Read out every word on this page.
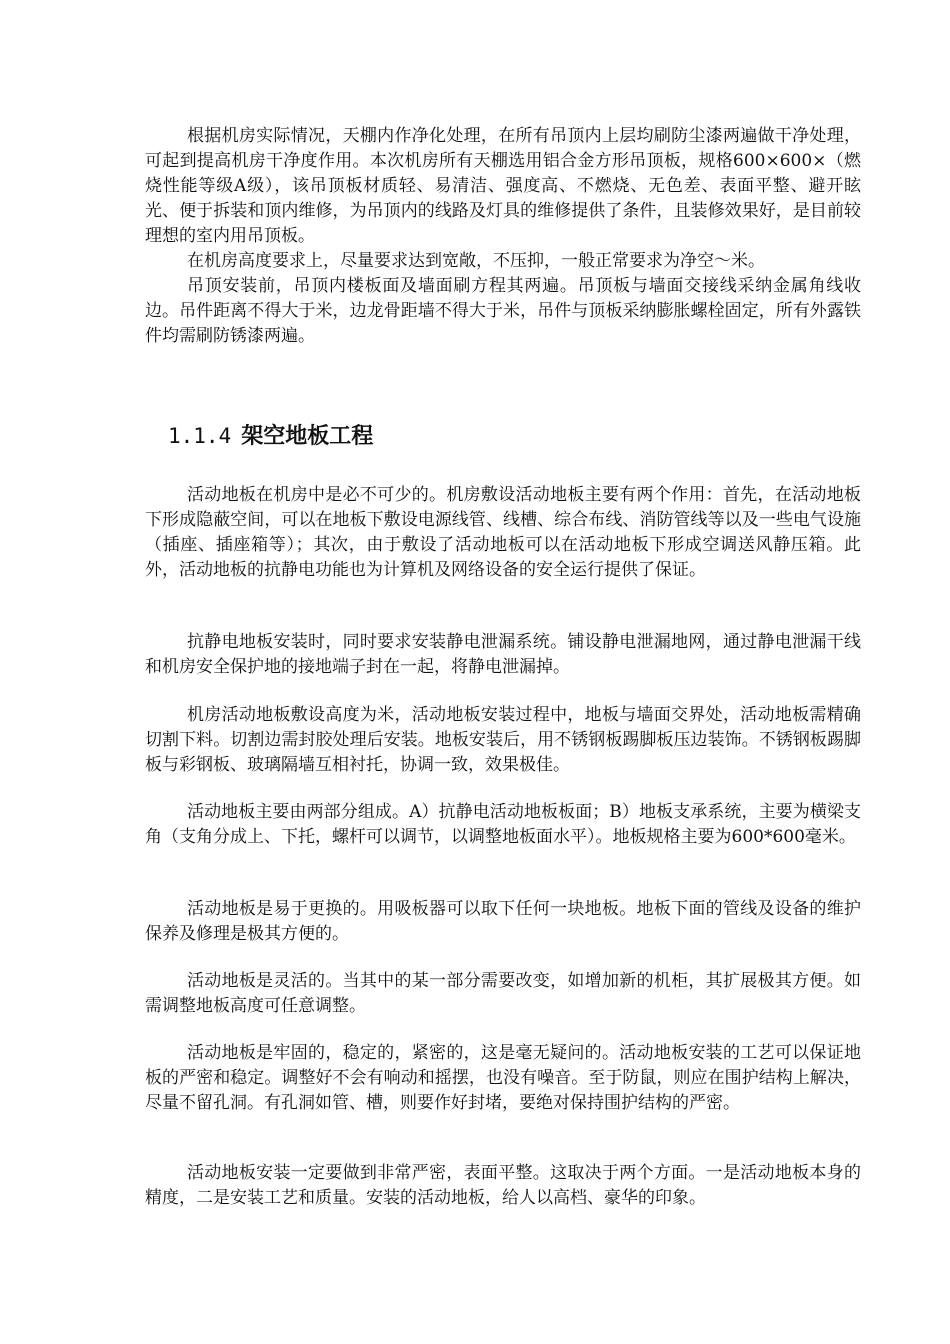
根据机房实际情况，天棚内作净化处理，在所有吊顶内上层均刷防尘漆两遍做干净处理，可起到提高机房干净度作用。本次机房所有天棚选用铝合金方形吊顶板，规格600×600×（燃烧性能等级A级），该吊顶板材质轻、易清洁、强度高、不燃烧、无色差、表面平整、避开眩光、便于拆装和顶内维修，为吊顶内的线路及灯具的维修提供了条件，且装修效果好，是目前较理想的室内用吊顶板。

在机房高度要求上，尽量要求达到宽敞，不压抑，一般正常要求为净空～米。

吊顶安装前，吊顶内楼板面及墙面刷方程其两遍。吊顶板与墙面交接线采纳金属角线收边。吊件距离不得大于米，边龙骨距墙不得大于米，吊件与顶板采纳膨胀螺栓固定，所有外露铁件均需刷防锈漆两遍。

1.1.4 架空地板工程

活动地板在机房中是必不可少的。机房敷设活动地板主要有两个作用：首先，在活动地板下形成隐蔽空间，可以在地板下敷设电源线管、线槽、综合布线、消防管线等以及一些电气设施（插座、插座箱等）；其次，由于敷设了活动地板可以在活动地板下形成空调送风静压箱。此外，活动地板的抗静电功能也为计算机及网络设备的安全运行提供了保证。

抗静电地板安装时，同时要求安装静电泄漏系统。铺设静电泄漏地网，通过静电泄漏干线和机房安全保护地的接地端子封在一起，将静电泄漏掉。

机房活动地板敷设高度为米，活动地板安装过程中，地板与墙面交界处，活动地板需精确切割下料。切割边需封胶处理后安装。地板安装后，用不锈钢板踢脚板压边装饰。不锈钢板踢脚板与彩钢板、玻璃隔墙互相衬托，协调一致，效果极佳。

活动地板主要由两部分组成。A）抗静电活动地板板面；B）地板支承系统，主要为横梁支角（支角分成上、下托，螺杆可以调节，以调整地板面水平）。地板规格主要为600*600毫米。

活动地板是易于更换的。用吸板器可以取下任何一块地板。地板下面的管线及设备的维护保养及修理是极其方便的。

活动地板是灵活的。当其中的某一部分需要改变，如增加新的机柜，其扩展极其方便。如需调整地板高度可任意调整。

活动地板是牢固的，稳定的，紧密的，这是毫无疑问的。活动地板安装的工艺可以保证地板的严密和稳定。调整好不会有响动和摇摆，也没有噪音。至于防鼠，则应在围护结构上解决，尽量不留孔洞。有孔洞如管、槽，则要作好封堵，要绝对保持围护结构的严密。

活动地板安装一定要做到非常严密，表面平整。这取决于两个方面。一是活动地板本身的精度，二是安装工艺和质量。安装的活动地板，给人以高档、豪华的印象。
